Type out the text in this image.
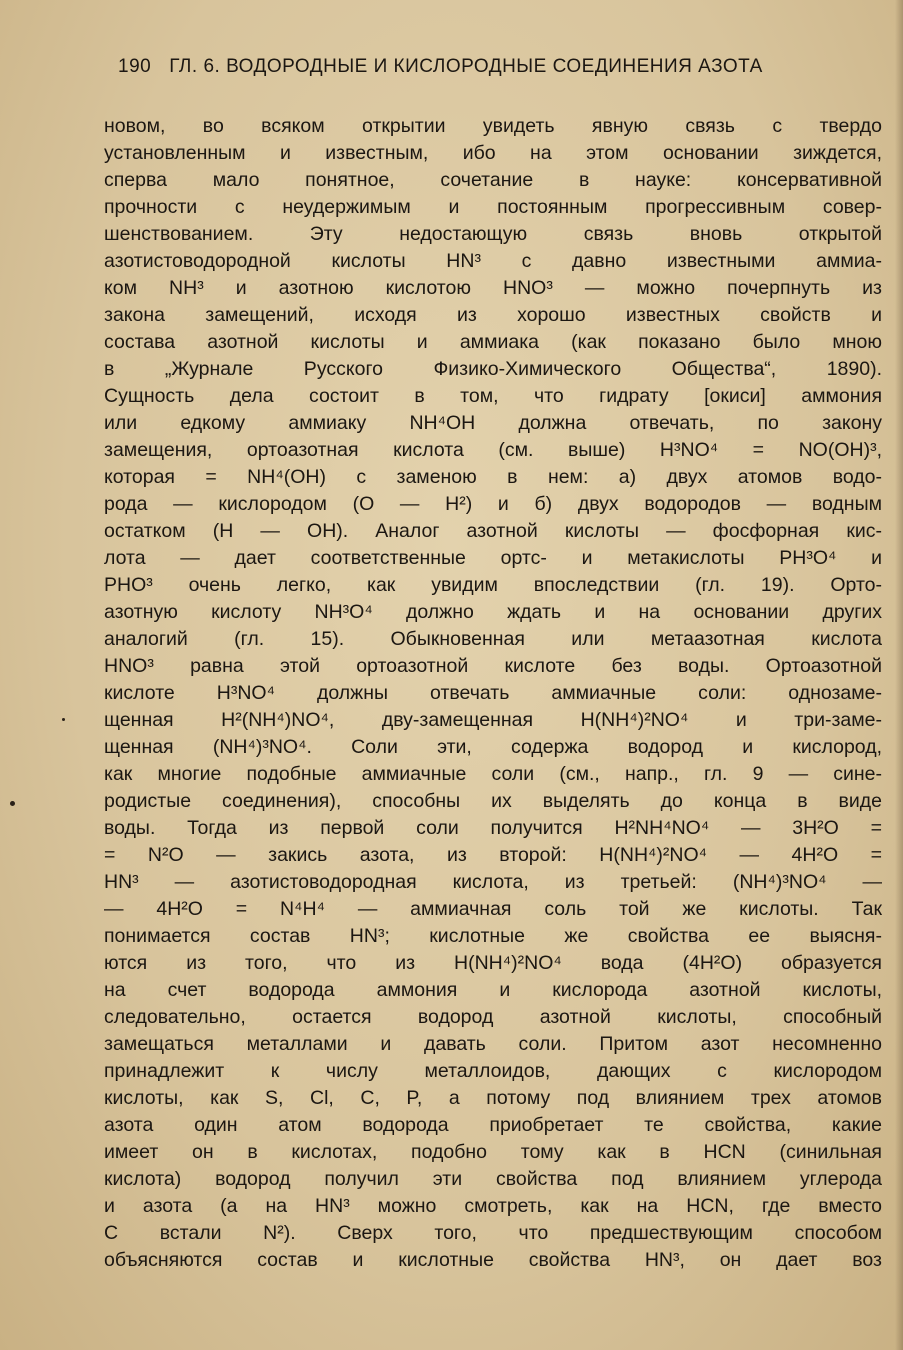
190 ГЛ. 6. ВОДОРОДНЫЕ И КИСЛОРОДНЫЕ СОЕДИНЕНИЯ АЗОТА
новом, во всяком открытии увидеть явную связь с твердо
установленным и известным, ибо на этом основании зиждется,
сперва мало понятное, сочетание в науке: консервативной
прочности с неудержимым и постоянным прогрессивным совер-
шенствованием. Эту недостающую связь вновь открытой
азотистоводородной кислоты HN³ с давно известными аммиа-
ком NH³ и азотною кислотою HNO³ — можно почерпнуть из
закона замещений, исходя из хорошо известных свойств и
состава азотной кислоты и аммиака (как показано было мною
в „Журнале Русского Физико-Химического Общества“, 1890).
Сущность дела состоит в том, что гидрату [окиси] аммония
или едкому аммиаку NH⁴OH должна отвечать, по закону
замещения, ортоазотная кислота (см. выше) H³NO⁴ = NO(OH)³,
которая = NH⁴(OH) с заменою в нем: а) двух атомов водо-
рода — кислородом (O — H²) и б) двух водородов — водным
остатком (H — OH). Аналог азотной кислоты — фосфорная кис-
лота — дает соответственные ортс- и метакислоты PH³O⁴ и
PHO³ очень легко, как увидим впоследствии (гл. 19). Орто-
азотную кислоту NH³O⁴ должно ждать и на основании других
аналогий (гл. 15). Обыкновенная или метаазотная кислота
HNO³ равна этой ортоазотной кислоте без воды. Ортоазотной
кислоте H³NO⁴ должны отвечать аммиачные соли: однозаме-
щенная H²(NH⁴)NO⁴, дву-замещенная H(NH⁴)²NO⁴ и три-заме-
щенная (NH⁴)³NO⁴. Соли эти, содержа водород и кислород,
как многие подобные аммиачные соли (см., напр., гл. 9 — сине-
родистые соединения), способны их выделять до конца в виде
воды. Тогда из первой соли получится H²NH⁴NO⁴ — 3H²O =
= N²O — закись азота, из второй: H(NH⁴)²NO⁴ — 4H²O =
HN³ — азотистоводородная кислота, из третьей: (NH⁴)³NO⁴ —
— 4H²O = N⁴H⁴ — аммиачная соль той же кислоты. Так
понимается состав HN³; кислотные же свойства ее выясня-
ются из того, что из H(NH⁴)²NO⁴ вода (4H²O) образуется
на счет водорода аммония и кислорода азотной кислоты,
следовательно, остается водород азотной кислоты, способный
замещаться металлами и давать соли. Притом азот несомненно
принадлежит к числу металлоидов, дающих с кислородом
кислоты, как S, Cl, C, P, а потому под влиянием трех атомов
азота один атом водорода приобретает те свойства, какие
имеет он в кислотах, подобно тому как в HCN (синильная
кислота) водород получил эти свойства под влиянием углерода
и азота (а на HN³ можно смотреть, как на HCN, где вместо
C встали N²). Сверх того, что предшествующим способом
объясняются состав и кислотные свойства HN³, он дает воз
